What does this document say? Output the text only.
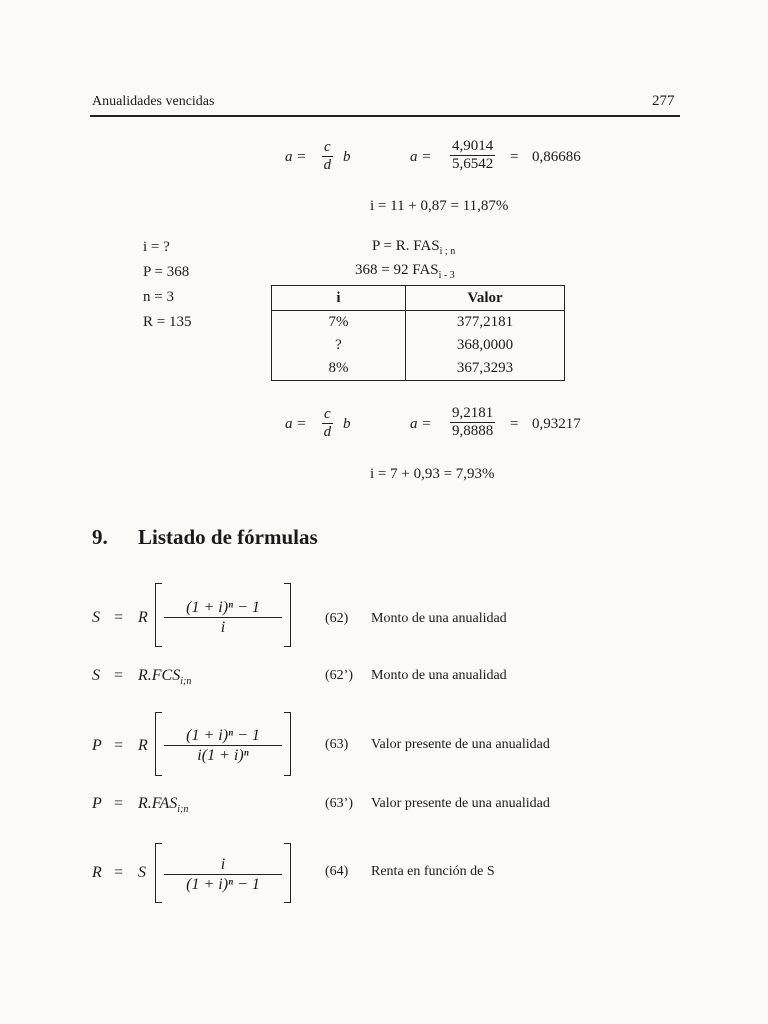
Anualidades vencidas	277
a =
c
d b	a =
4,9014
5,6542 = 0,86686
i = 11 + 0,87 = 11,87%
i = ?
P = 368
n = 3
R = 135
P = R. $FAS_{i ; n}$
368 = 92 $FAS_{i - 3}$
i	Valor
7%	377,2181
?	368,0000
8%	367,3293
a =
c
d b	a =
9,2181
9,8888 = 0,93217
i = 7 + 0,93 = 7,93%
9. Listado de fórmulas
S = R
(1 + i)ⁿ − 1
i
(62) Monto de una anualidad
$S = R.FCS_{i;n}$	(62’) Monto de una anualidad
P = R
(1 + i)ⁿ − 1
i(1 + i)ⁿ
(63) Valor presente de una anualidad
$P = R.FAS_{i;n}$	(63’) Valor presente de una anualidad
R = S	i
(1 + i)ⁿ − 1
(64) Renta en función de S
